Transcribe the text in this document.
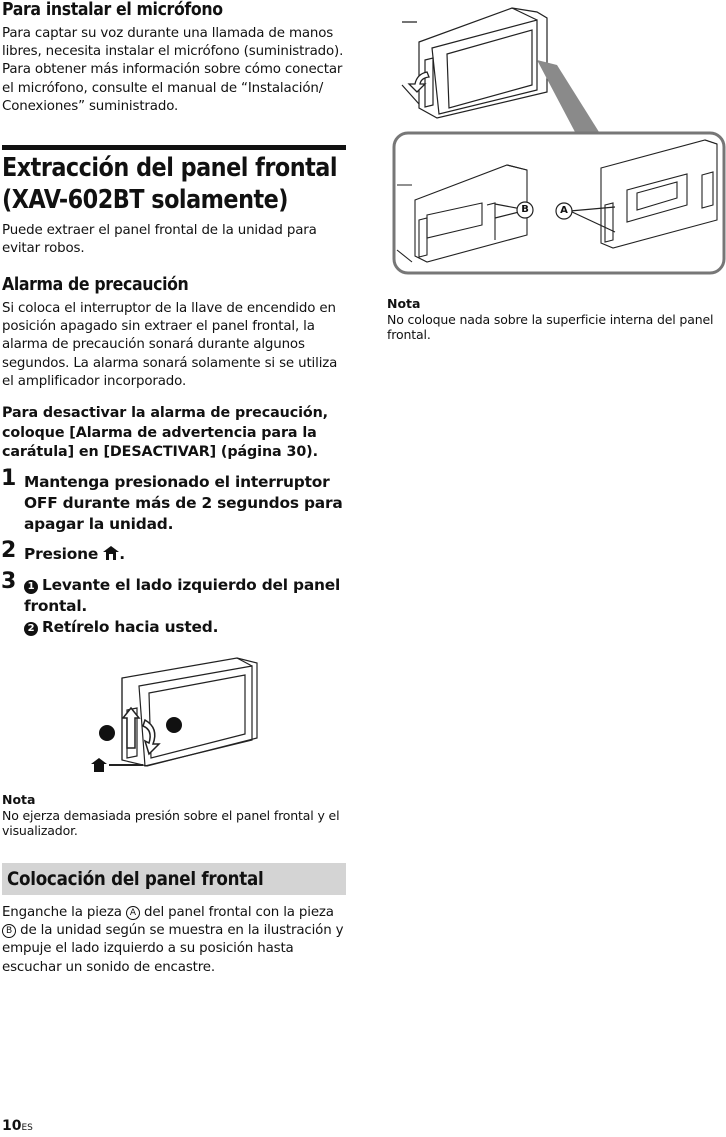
Para instalar el micrófono

Para captar su voz durante una llamada de manos libres, necesita instalar el micrófono (suministrado). Para obtener más información sobre cómo conectar el micrófono, consulte el manual de “Instalación/ Conexiones” suministrado.

Extracción del panel frontal
(XAV-602BT solamente)

Puede extraer el panel frontal de la unidad para evitar robos.

Alarma de precaución

Si coloca el interruptor de la llave de encendido en posición apagado sin extraer el panel frontal, la alarma de precaución sonará durante algunos segundos. La alarma sonará solamente si se utiliza el amplificador incorporado.

Para desactivar la alarma de precaución, coloque [Alarma de advertencia para la carátula] en [DESACTIVAR] (página 30).

1 Mantenga presionado el interruptor OFF durante más de 2 segundos para apagar la unidad.
2 Presione .
3	1 Levante el lado izquierdo del panel frontal.
2 Retírelo hacia usted.
1
2
Nota

No ejerza demasiada presión sobre el panel frontal y el visualizador.

Colocación del panel frontal

Enganche la pieza A del panel frontal con la pieza B de la unidad según se muestra en la ilustración y empuje el lado izquierdo a su posición hasta escuchar un sonido de encastre.

B	A
Nota

No coloque nada sobre la superficie interna del panel frontal.

10ES
